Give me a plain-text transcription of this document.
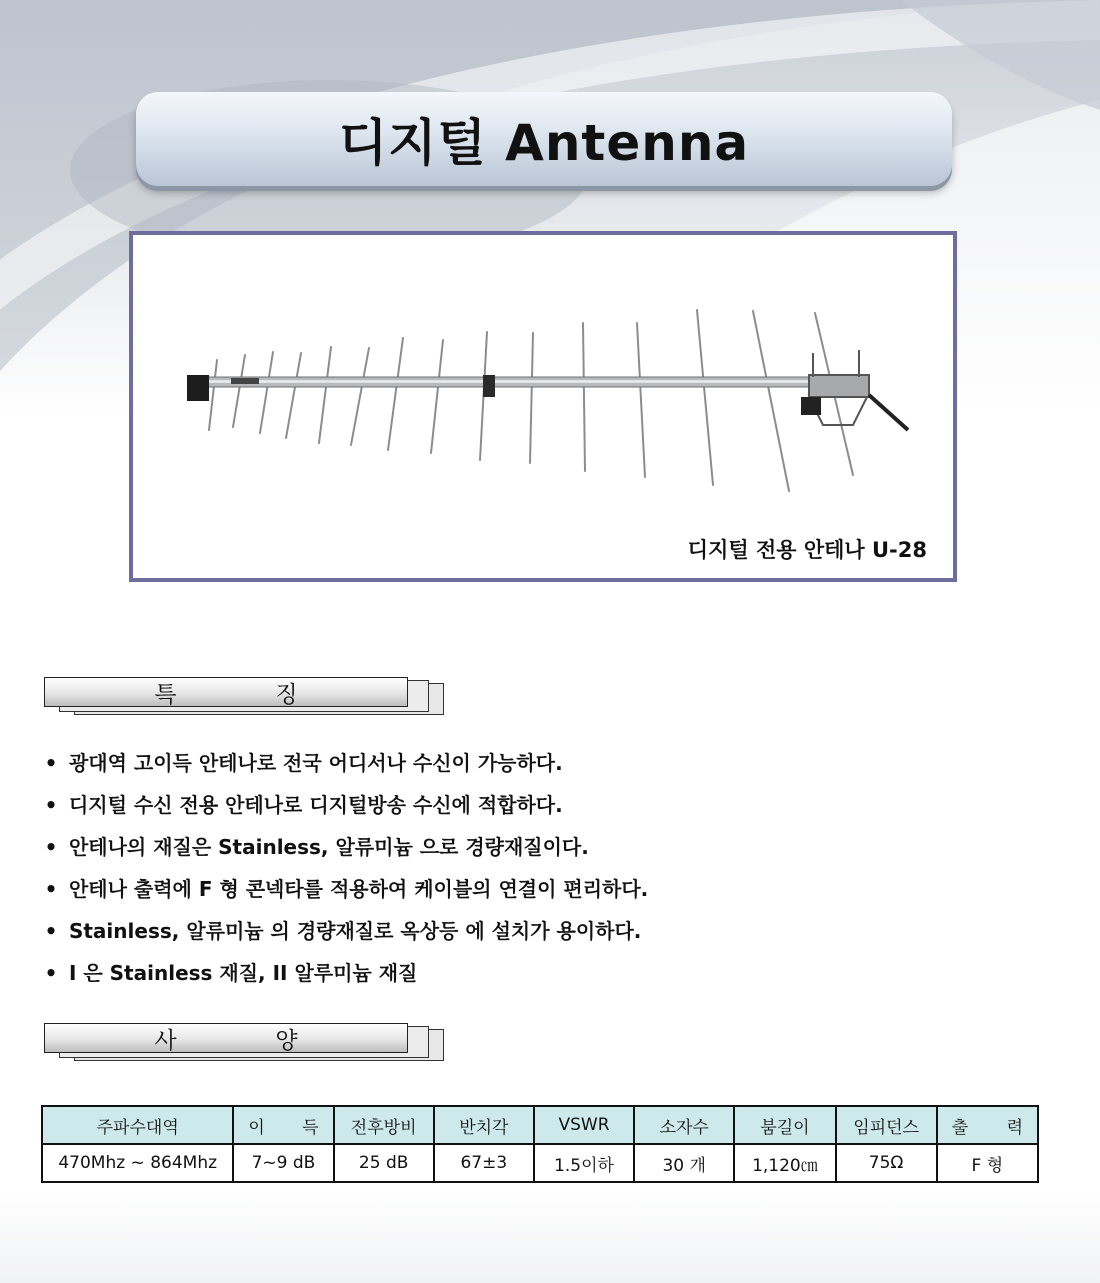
디지털 Antenna
디지털 전용 안테나 U-28
특	징
• 광대역 고이득 안테나로 전국 어디서나 수신이 가능하다.
• 디지털 수신 전용 안테나로 디지털방송 수신에 적합하다.
• 안테나의 재질은 Stainless, 알류미늄 으로 경량재질이다.
• 안테나 출력에 F 형 콘넥타를 적용하여 케이블의 연결이 편리하다.
• Stainless, 알류미늄 의 경량재질로 옥상등 에 설치가 용이하다.
• I 은 Stainless 재질, II 알루미늄 재질
사	양
주파수대역	이 득	전후방비	반치각	VSWR	소자수	붐길이	임피던스	출 력

470Mhz ~ 864Mhz	7~9 dB	25 dB	67±3	1.5이하	30 개	1,120㎝	75Ω	F 형
